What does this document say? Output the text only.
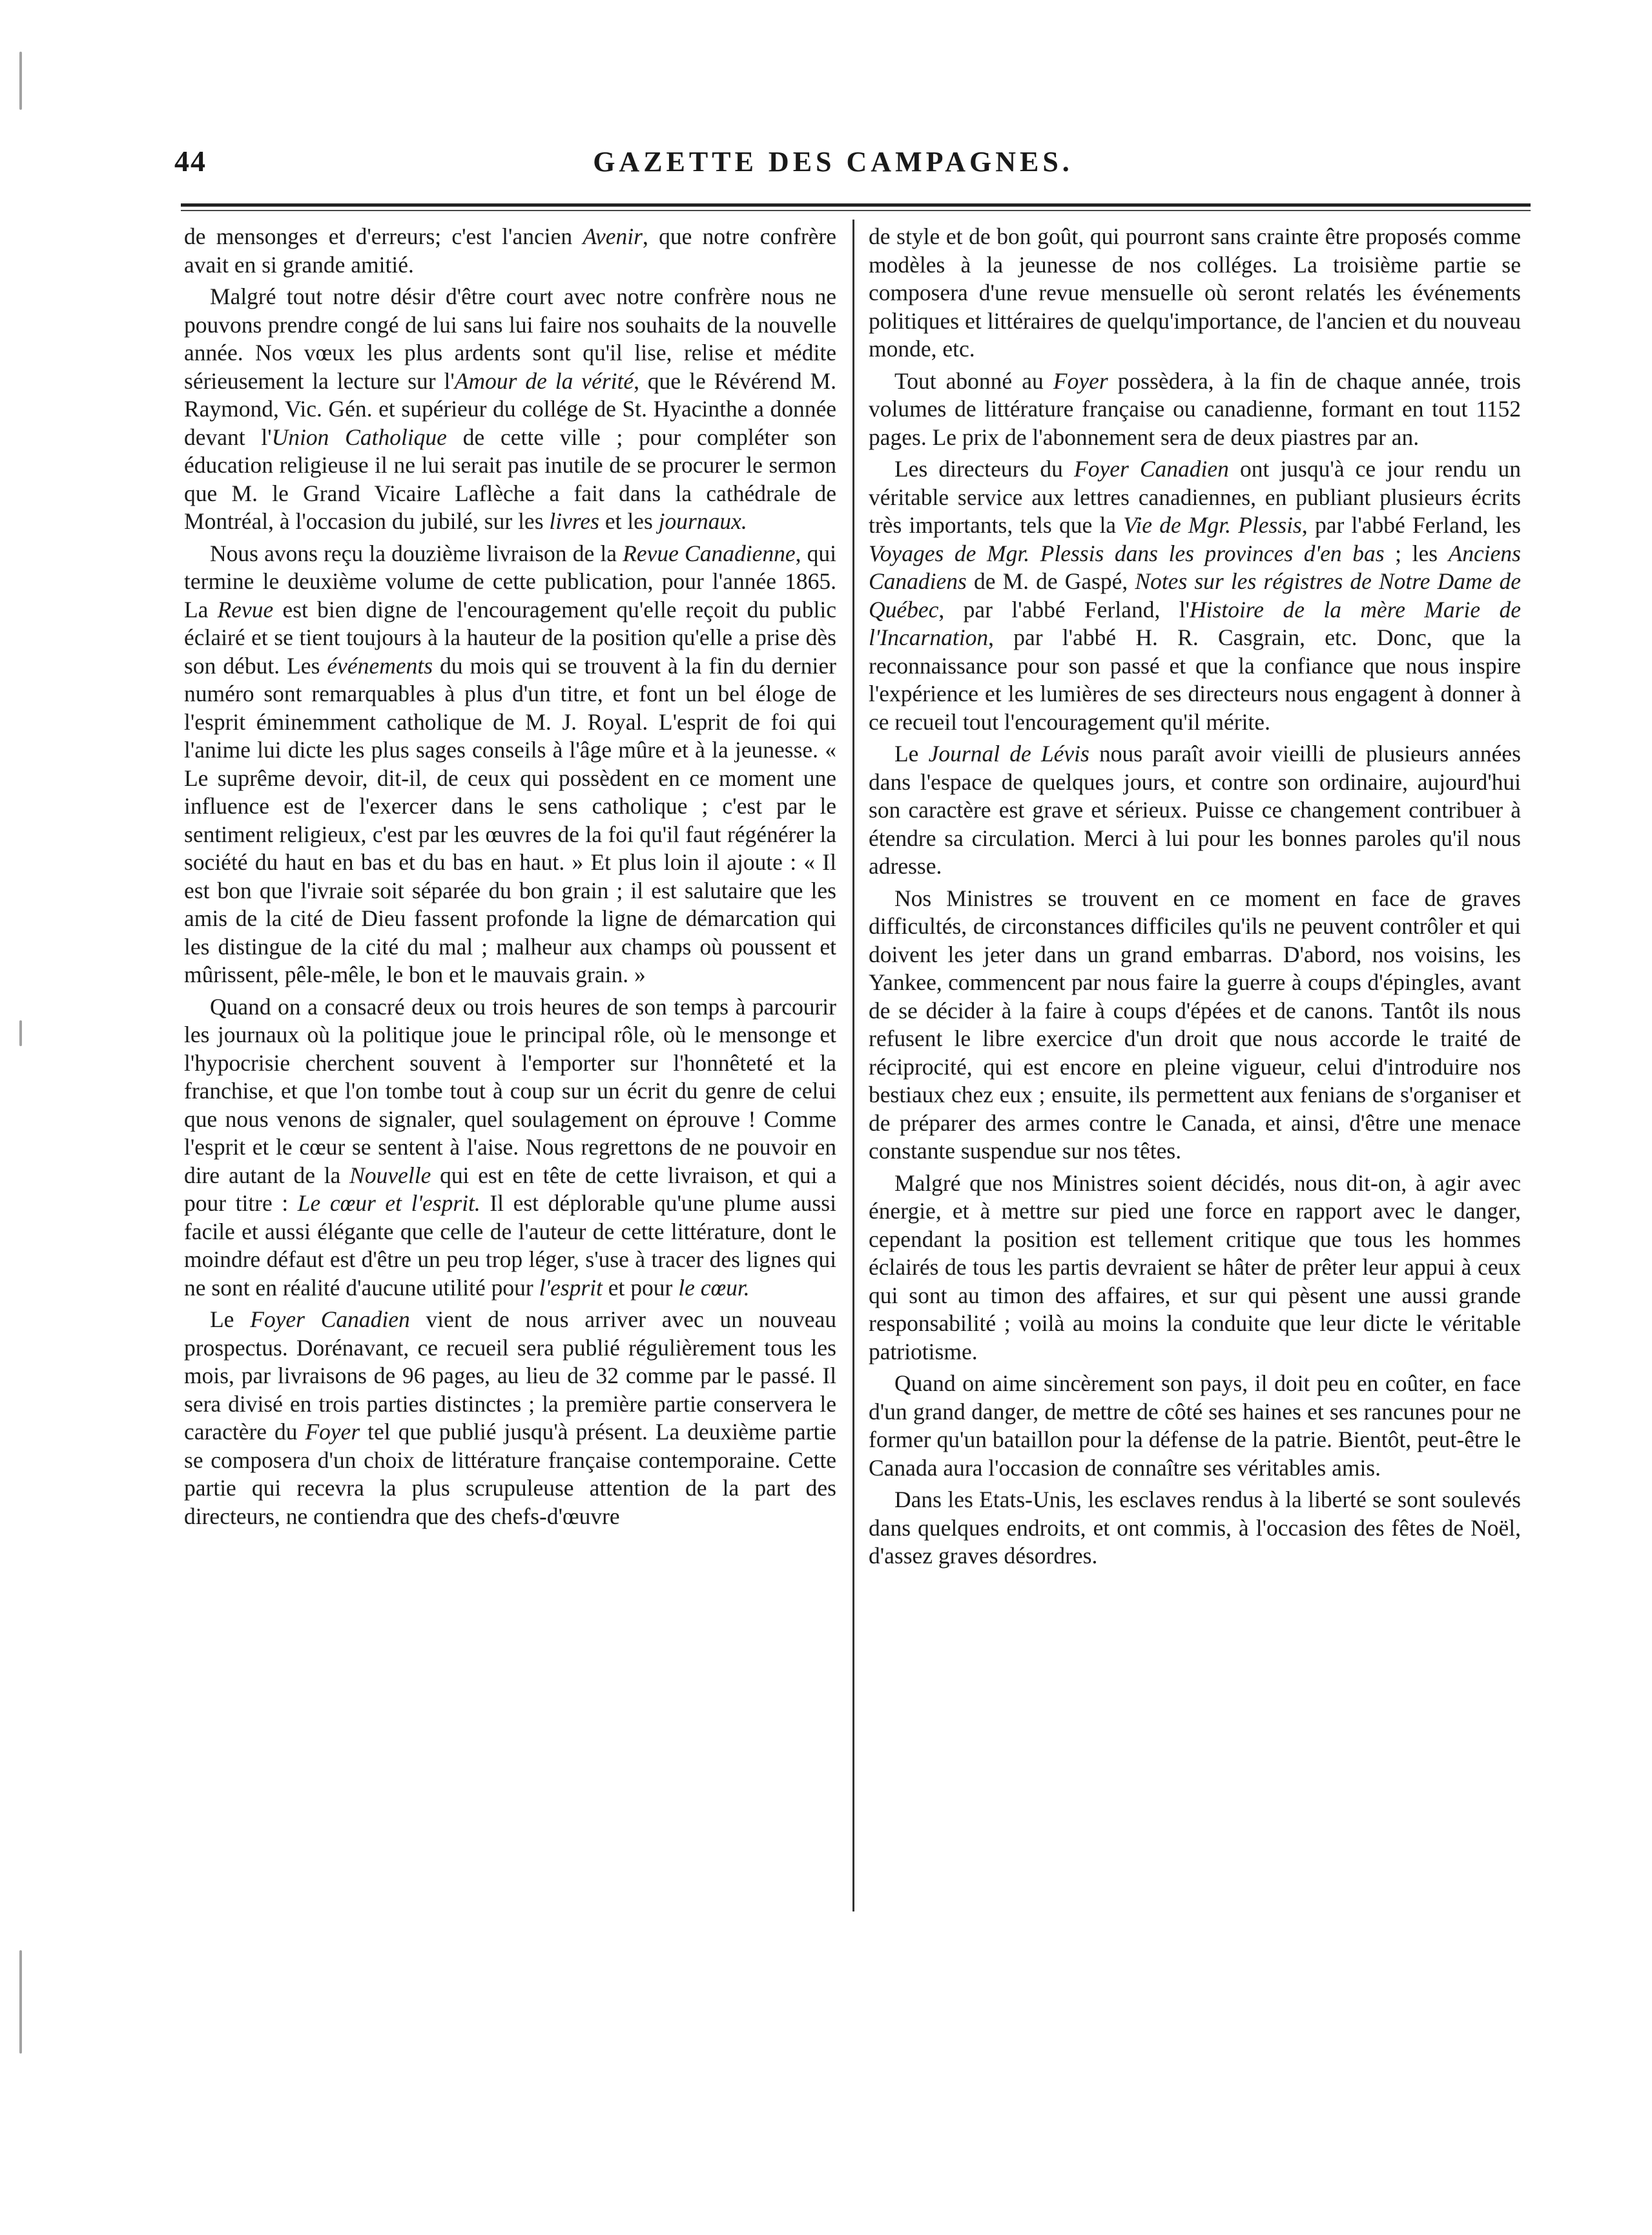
44	GAZETTE DES CAMPAGNES.

de mensonges et d'erreurs; c'est l'ancien Avenir, que notre confrère avait en si grande amitié.

Malgré tout notre désir d'être court avec notre confrère nous ne pouvons prendre congé de lui sans lui faire nos souhaits de la nouvelle année. Nos vœux les plus ardents sont qu'il lise, relise et médite sérieusement la lecture sur l'Amour de la vérité, que le Révérend M. Raymond, Vic. Gén. et supérieur du collége de St. Hyacinthe a donnée devant l'Union Catholique de cette ville ; pour compléter son éducation religieuse il ne lui serait pas inutile de se procurer le sermon que M. le Grand Vicaire Laflèche a fait dans la cathédrale de Montréal, à l'occasion du jubilé, sur les livres et les journaux.

Nous avons reçu la douzième livraison de la Revue Canadienne, qui termine le deuxième volume de cette publication, pour l'année 1865. La Revue est bien digne de l'encouragement qu'elle reçoit du public éclairé et se tient toujours à la hauteur de la position qu'elle a prise dès son début. Les événements du mois qui se trouvent à la fin du dernier numéro sont remarquables à plus d'un titre, et font un bel éloge de l'esprit éminemment catholique de M. J. Royal. L'esprit de foi qui l'anime lui dicte les plus sages conseils à l'âge mûre et à la jeunesse. « Le suprême devoir, dit-il, de ceux qui possèdent en ce moment une influence est de l'exercer dans le sens catholique ; c'est par le sentiment religieux, c'est par les œuvres de la foi qu'il faut régénérer la société du haut en bas et du bas en haut. » Et plus loin il ajoute : « Il est bon que l'ivraie soit séparée du bon grain ; il est salutaire que les amis de la cité de Dieu fassent profonde la ligne de démarcation qui les distingue de la cité du mal ; malheur aux champs où poussent et mûrissent, pêle-mêle, le bon et le mauvais grain. »

Quand on a consacré deux ou trois heures de son temps à parcourir les journaux où la politique joue le principal rôle, où le mensonge et l'hypocrisie cherchent souvent à l'emporter sur l'honnêteté et la franchise, et que l'on tombe tout à coup sur un écrit du genre de celui que nous venons de signaler, quel soulagement on éprouve ! Comme l'esprit et le cœur se sentent à l'aise. Nous regrettons de ne pouvoir en dire autant de la Nouvelle qui est en tête de cette livraison, et qui a pour titre : Le cœur et l'esprit. Il est déplorable qu'une plume aussi facile et aussi élégante que celle de l'auteur de cette littérature, dont le moindre défaut est d'être un peu trop léger, s'use à tracer des lignes qui ne sont en réalité d'aucune utilité pour l'esprit et pour le cœur.

Le Foyer Canadien vient de nous arriver avec un nouveau prospectus. Dorénavant, ce recueil sera publié régulièrement tous les mois, par livraisons de 96 pages, au lieu de 32 comme par le passé. Il sera divisé en trois parties distinctes ; la première partie conservera le caractère du Foyer tel que publié jusqu'à présent. La deuxième partie se composera d'un choix de littérature française contemporaine. Cette partie qui recevra la plus scrupuleuse attention de la part des directeurs, ne contiendra que des chefs-d'œuvre

de style et de bon goût, qui pourront sans crainte être proposés comme modèles à la jeunesse de nos colléges. La troisième partie se composera d'une revue mensuelle où seront relatés les événements politiques et littéraires de quelqu'importance, de l'ancien et du nouveau monde, etc.

Tout abonné au Foyer possèdera, à la fin de chaque année, trois volumes de littérature française ou canadienne, formant en tout 1152 pages. Le prix de l'abonnement sera de deux piastres par an.

Les directeurs du Foyer Canadien ont jusqu'à ce jour rendu un véritable service aux lettres canadiennes, en publiant plusieurs écrits très importants, tels que la Vie de Mgr. Plessis, par l'abbé Ferland, les Voyages de Mgr. Plessis dans les provinces d'en bas ; les Anciens Canadiens de M. de Gaspé, Notes sur les régistres de Notre Dame de Québec, par l'abbé Ferland, l'Histoire de la mère Marie de l'Incarnation, par l'abbé H. R. Casgrain, etc. Donc, que la reconnaissance pour son passé et que la confiance que nous inspire l'expérience et les lumières de ses directeurs nous engagent à donner à ce recueil tout l'encouragement qu'il mérite.

Le Journal de Lévis nous paraît avoir vieilli de plusieurs années dans l'espace de quelques jours, et contre son ordinaire, aujourd'hui son caractère est grave et sérieux. Puisse ce changement contribuer à étendre sa circulation. Merci à lui pour les bonnes paroles qu'il nous adresse.

Nos Ministres se trouvent en ce moment en face de graves difficultés, de circonstances difficiles qu'ils ne peuvent contrôler et qui doivent les jeter dans un grand embarras. D'abord, nos voisins, les Yankee, commencent par nous faire la guerre à coups d'épingles, avant de se décider à la faire à coups d'épées et de canons. Tantôt ils nous refusent le libre exercice d'un droit que nous accorde le traité de réciprocité, qui est encore en pleine vigueur, celui d'introduire nos bestiaux chez eux ; ensuite, ils permettent aux fenians de s'organiser et de préparer des armes contre le Canada, et ainsi, d'être une menace constante suspendue sur nos têtes.

Malgré que nos Ministres soient décidés, nous dit-on, à agir avec énergie, et à mettre sur pied une force en rapport avec le danger, cependant la position est tellement critique que tous les hommes éclairés de tous les partis devraient se hâter de prêter leur appui à ceux qui sont au timon des affaires, et sur qui pèsent une aussi grande responsabilité ; voilà au moins la conduite que leur dicte le véritable patriotisme.

Quand on aime sincèrement son pays, il doit peu en coûter, en face d'un grand danger, de mettre de côté ses haines et ses rancunes pour ne former qu'un bataillon pour la défense de la patrie. Bientôt, peut-être le Canada aura l'occasion de connaître ses véritables amis.

Dans les Etats-Unis, les esclaves rendus à la liberté se sont soulevés dans quelques endroits, et ont commis, à l'occasion des fêtes de Noël, d'assez graves désordres.
